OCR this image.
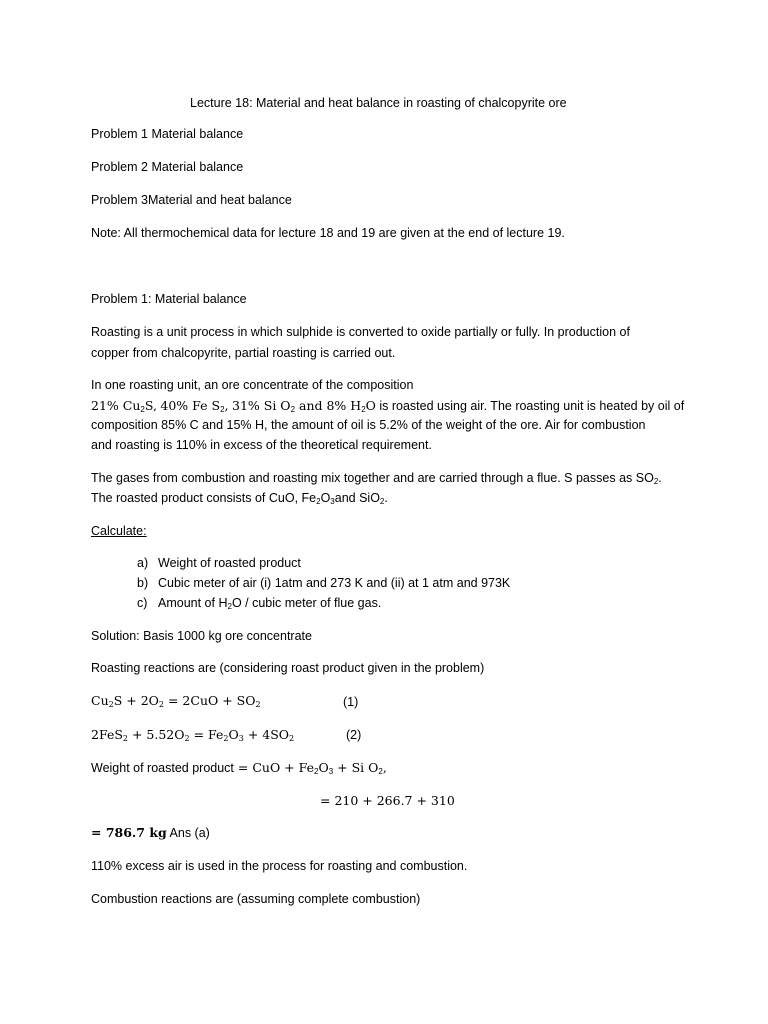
Lecture 18: Material and heat balance in roasting of chalcopyrite ore
Problem 1 Material balance
Problem 2 Material balance
Problem 3Material and heat balance
Note: All thermochemical data for lecture 18 and 19 are given at the end of lecture 19.
Problem 1: Material balance
Roasting is a unit process in which sulphide is converted to oxide partially or fully. In production of
copper from chalcopyrite, partial roasting is carried out.
In one roasting unit, an ore concentrate of the composition
21% $Cu_2S$, 40% Fe $S_2$, 31% Si $O_2$ and 8% $H_2O$ is roasted using air. The roasting unit is heated by oil of
composition 85% C and 15% H, the amount of oil is 5.2% of the weight of the ore. Air for combustion
and roasting is 110% in excess of the theoretical requirement.
The gases from combustion and roasting mix together and are carried through a flue. S passes as $SO_2$.
The roasted product consists of CuO, $Fe_2O_3and$ SiO$_2$.
Calculate:
a) Weight of roasted product
b) Cubic meter of air (i) 1atm and 273 K and (ii) at 1 atm and 973K
c) Amount of $H_2O$ / cubic meter of flue gas.
Solution: Basis 1000 kg ore concentrate
Roasting reactions are (considering roast product given in the problem)
$Cu_2S + 2O_2 = 2CuO + SO_2$	(1)
$2FeS_2 + 5.52O_2 = Fe_2O_3 + 4SO_2$	(2)
Weight of roasted product = CuO + $Fe_2O_3 + Si$ $O_2$,
= 210 + 266.7 + 310
= 786.7 kg Ans (a)
110% excess air is used in the process for roasting and combustion.
Combustion reactions are (assuming complete combustion)
